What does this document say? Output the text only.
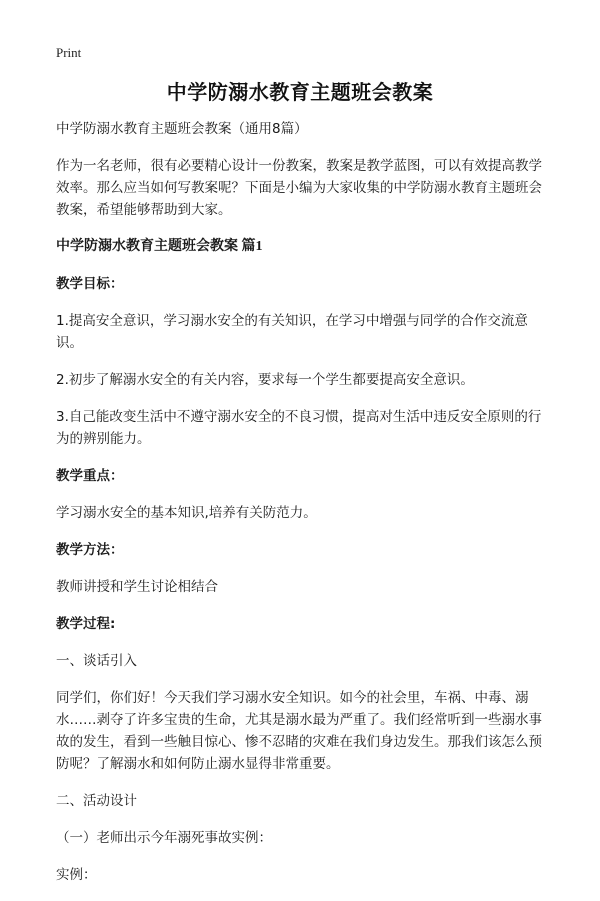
Print
中学防溺水教育主题班会教案

中学防溺水教育主题班会教案（通用8篇）

作为一名老师，很有必要精心设计一份教案，教案是教学蓝图，可以有效提高教学效率。那么应当如何写教案呢？下面是小编为大家收集的中学防溺水教育主题班会教案，希望能够帮助到大家。

中学防溺水教育主题班会教案 篇1

教学目标：

1.提高安全意识，学习溺水安全的有关知识，在学习中增强与同学的合作交流意识。

2.初步了解溺水安全的有关内容，要求每一个学生都要提高安全意识。

3.自己能改变生活中不遵守溺水安全的不良习惯，提高对生活中违反安全原则的行为的辨别能力。

教学重点：

学习溺水安全的基本知识,培养有关防范力。

教学方法：

教师讲授和学生讨论相结合

教学过程:

一、谈话引入

同学们，你们好！今天我们学习溺水安全知识。如今的社会里，车祸、中毒、溺水……剥夺了许多宝贵的生命，尤其是溺水最为严重了。我们经常听到一些溺水事故的发生，看到一些触目惊心、惨不忍睹的灾难在我们身边发生。那我们该怎么预防呢？了解溺水和如何防止溺水显得非常重要。

二、活动设计

（一）老师出示今年溺死事故实例：

实例：
